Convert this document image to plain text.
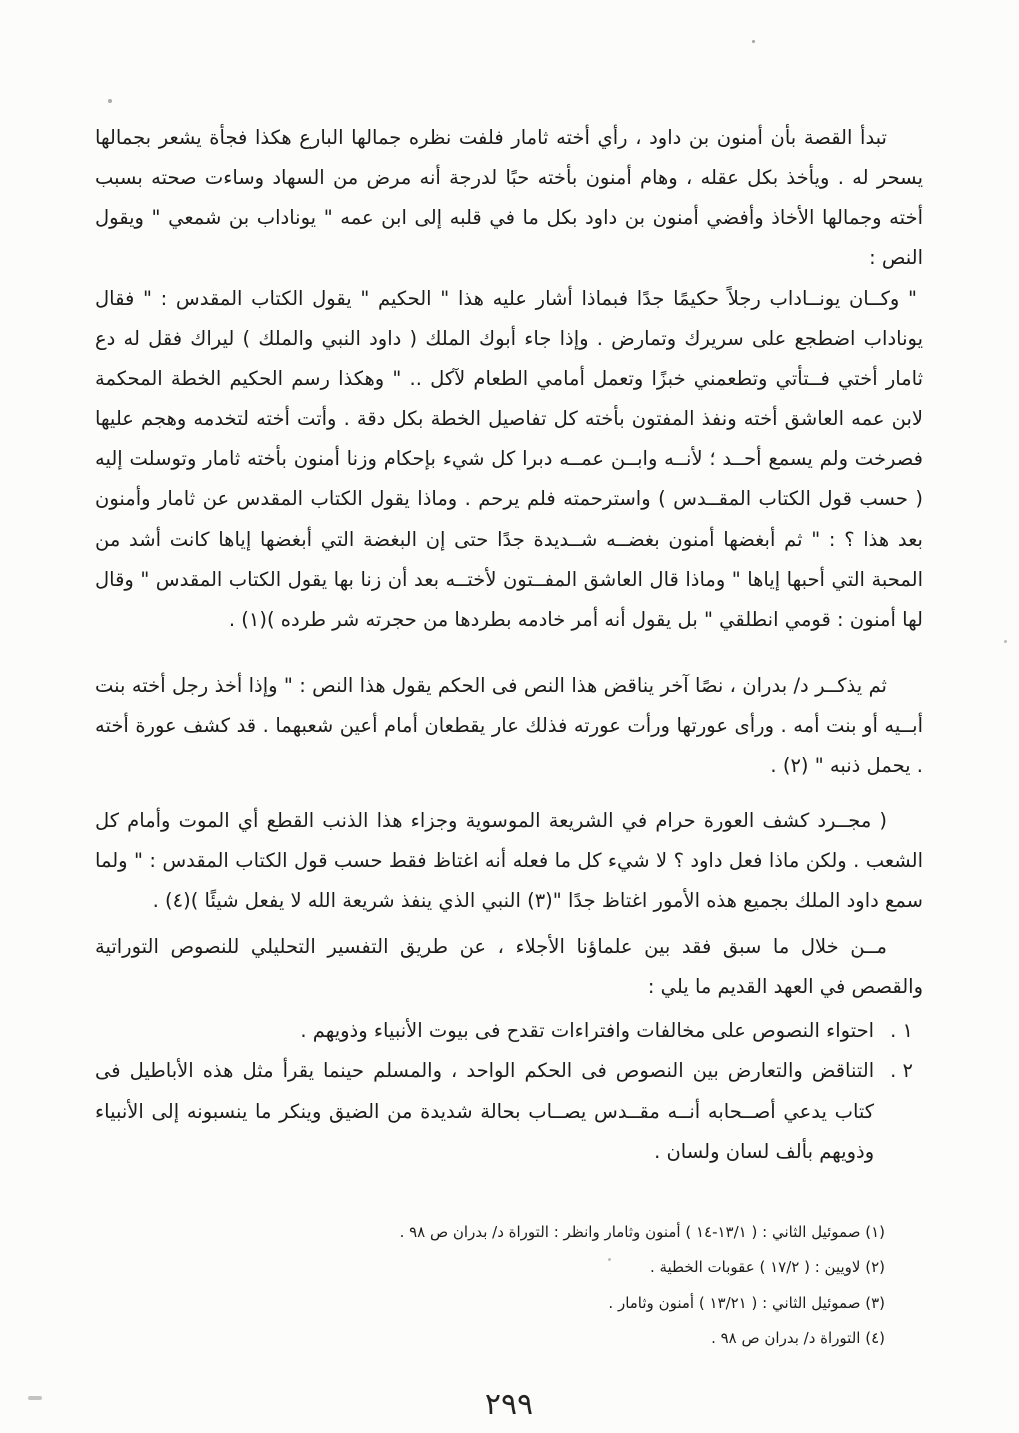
تبدأ القصة بأن أمنون بن داود ، رأي أخته ثامار فلفت نظره جمالها البارع هكذا فجأة يشعر بجمالها يسحر له . ويأخذ بكل عقله ، وهام أمنون بأخته حبًا لدرجة أنه مرض من السهاد وساءت صحته بسبب أخته وجمالها الأخاذ وأفضي أمنون بن داود بكل ما في قلبه إلى ابن عمه " يوناداب بن شمعي " ويقول النص :

" وكــان يونــاداب رجلاً حكيمًا جدًا فبماذا أشار عليه هذا " الحكيم " يقول الكتاب المقدس : " فقال يوناداب اضطجع على سريرك وتمارض . وإذا جاء أبوك الملك ( داود النبي والملك ) ليراك فقل له دع ثامار أختي فــتأتي وتطعمني خبزًا وتعمل أمامي الطعام لآكل .. " وهكذا رسم الحكيم الخطة المحكمة لابن عمه العاشق أخته ونفذ المفتون بأخته كل تفاصيل الخطة بكل دقة . وأتت أخته لتخدمه وهجم عليها فصرخت ولم يسمع أحــد ؛ لأنــه وابــن عمــه دبرا كل شيء بإحكام وزنا أمنون بأخته ثامار وتوسلت إليه ( حسب قول الكتاب المقــدس ) واسترحمته فلم يرحم . وماذا يقول الكتاب المقدس عن ثامار وأمنون بعد هذا ؟ : " ثم أبغضها أمنون بغضــه شــديدة جدًا حتى إن البغضة التي أبغضها إياها كانت أشد من المحبة التي أحبها إياها " وماذا قال العاشق المفــتون لأختــه بعد أن زنا بها يقول الكتاب المقدس " وقال لها أمنون : قومي انطلقي " بل يقول أنه أمر خادمه بطردها من حجرته شر طرده )(١) .

ثم يذكــر د/ بدران ، نصًا آخر يناقض هذا النص فى الحكم يقول هذا النص : " وإذا أخذ رجل أخته بنت أبــيه أو بنت أمه . ورأى عورتها ورأت عورته فذلك عار يقطعان أمام أعين شعبهما . قد كشف عورة أخته . يحمل ذنبه " (٢) .

( مجــرد كشف العورة حرام في الشريعة الموسوية وجزاء هذا الذنب القطع أي الموت وأمام كل الشعب . ولكن ماذا فعل داود ؟ لا شيء كل ما فعله أنه اغتاظ فقط حسب قول الكتاب المقدس : " ولما سمع داود الملك بجميع هذه الأمور اغتاظ جدًا "(٣) النبي الذي ينفذ شريعة الله لا يفعل شيئًا )(٤) .

مــن خلال ما سبق فقد بين علماؤنا الأجلاء ، عن طريق التفسير التحليلي للنصوص التوراتية والقصص في العهد القديم ما يلي :

١ .
احتواء النصوص على مخالفات وافتراءات تقدح فى بيوت الأنبياء وذويهم .
٢ .
التناقض والتعارض بين النصوص فى الحكم الواحد ، والمسلم حينما يقرأ مثل هذه الأباطيل فى كتاب يدعي أصــحابه أنــه مقــدس يصــاب بحالة شديدة من الضيق وينكر ما ينسبونه إلى الأنبياء وذويهم بألف لسان ولسان .

(١) صموئيل الثاني : ( ١٣/١-١٤ ) أمنون وثامار وانظر : التوراة د/ بدران ص ٩٨ .

(٢) لاويين : ( ١٧/٢ ) عقوبات الخطية .

(٣) صموئيل الثاني : ( ١٣/٢١ ) أمنون وثامار .

(٤) التوراة د/ بدران ص ٩٨ .

٢٩٩
